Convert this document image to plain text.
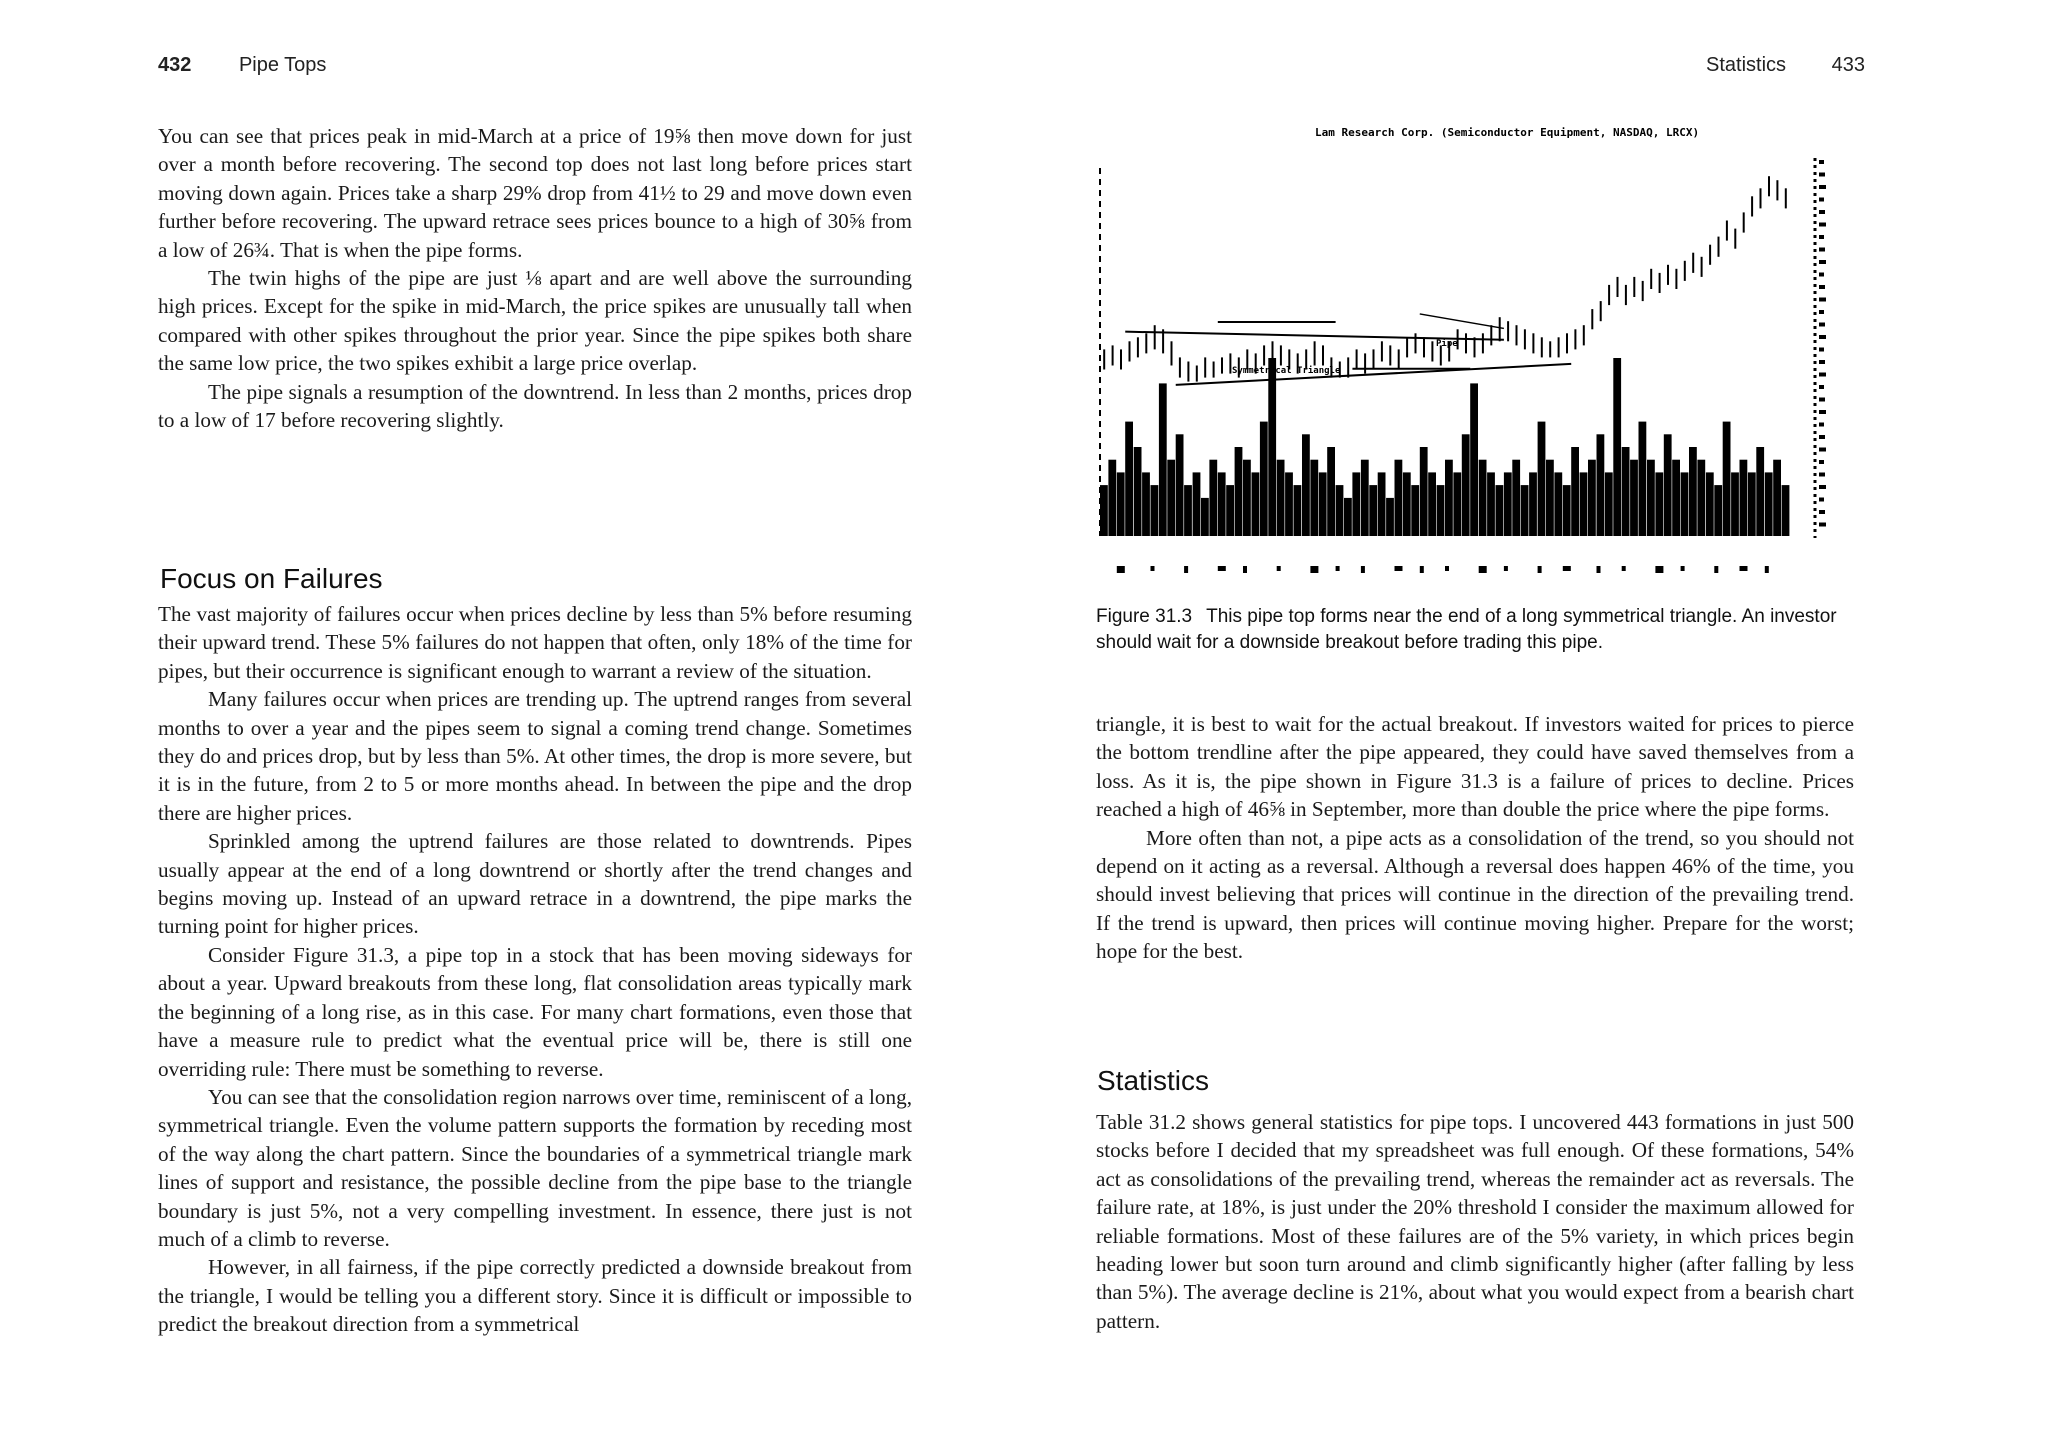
432 Pipe Tops

You can see that prices peak in mid-March at a price of 19⅝ then move down for just over a month before recovering. The second top does not last long before prices start moving down again. Prices take a sharp 29% drop from 41½ to 29 and move down even further before recovering. The upward retrace sees prices bounce to a high of 30⅝ from a low of 26¾. That is when the pipe forms.

The twin highs of the pipe are just ⅛ apart and are well above the surrounding high prices. Except for the spike in mid-March, the price spikes are unusually tall when compared with other spikes throughout the prior year. Since the pipe spikes both share the same low price, the two spikes exhibit a large price overlap.

The pipe signals a resumption of the downtrend. In less than 2 months, prices drop to a low of 17 before recovering slightly.

Focus on Failures

The vast majority of failures occur when prices decline by less than 5% before resuming their upward trend. These 5% failures do not happen that often, only 18% of the time for pipes, but their occurrence is significant enough to warrant a review of the situation.

Many failures occur when prices are trending up. The uptrend ranges from several months to over a year and the pipes seem to signal a coming trend change. Sometimes they do and prices drop, but by less than 5%. At other times, the drop is more severe, but it is in the future, from 2 to 5 or more months ahead. In between the pipe and the drop there are higher prices.

Sprinkled among the uptrend failures are those related to downtrends. Pipes usually appear at the end of a long downtrend or shortly after the trend changes and begins moving up. Instead of an upward retrace in a downtrend, the pipe marks the turning point for higher prices.

Consider Figure 31.3, a pipe top in a stock that has been moving sideways for about a year. Upward breakouts from these long, flat consolidation areas typically mark the beginning of a long rise, as in this case. For many chart formations, even those that have a measure rule to predict what the eventual price will be, there is still one overriding rule: There must be something to reverse.

You can see that the consolidation region narrows over time, reminiscent of a long, symmetrical triangle. Even the volume pattern supports the formation by receding most of the way along the chart pattern. Since the boundaries of a symmetrical triangle mark lines of support and resistance, the possible decline from the pipe base to the triangle boundary is just 5%, not a very compelling investment. In essence, there just is not much of a climb to reverse.

However, in all fairness, if the pipe correctly predicted a downside breakout from the triangle, I would be telling you a different story. Since it is difficult or impossible to predict the breakout direction from a symmetrical

Statistics 433
Lam Research Corp. (Semiconductor Equipment, NASDAQ, LRCX)
Symmetrical Triangle
Pipe
Figure 31.3 This pipe top forms near the end of a long symmetrical triangle. An investor should wait for a downside breakout before trading this pipe.

triangle, it is best to wait for the actual breakout. If investors waited for prices to pierce the bottom trendline after the pipe appeared, they could have saved themselves from a loss. As it is, the pipe shown in Figure 31.3 is a failure of prices to decline. Prices reached a high of 46⅝ in September, more than double the price where the pipe forms.

More often than not, a pipe acts as a consolidation of the trend, so you should not depend on it acting as a reversal. Although a reversal does happen 46% of the time, you should invest believing that prices will continue in the direction of the prevailing trend. If the trend is upward, then prices will continue moving higher. Prepare for the worst; hope for the best.

Statistics

Table 31.2 shows general statistics for pipe tops. I uncovered 443 formations in just 500 stocks before I decided that my spreadsheet was full enough. Of these formations, 54% act as consolidations of the prevailing trend, whereas the remainder act as reversals. The failure rate, at 18%, is just under the 20% threshold I consider the maximum allowed for reliable formations. Most of these failures are of the 5% variety, in which prices begin heading lower but soon turn around and climb significantly higher (after falling by less than 5%). The average decline is 21%, about what you would expect from a bearish chart pattern.
